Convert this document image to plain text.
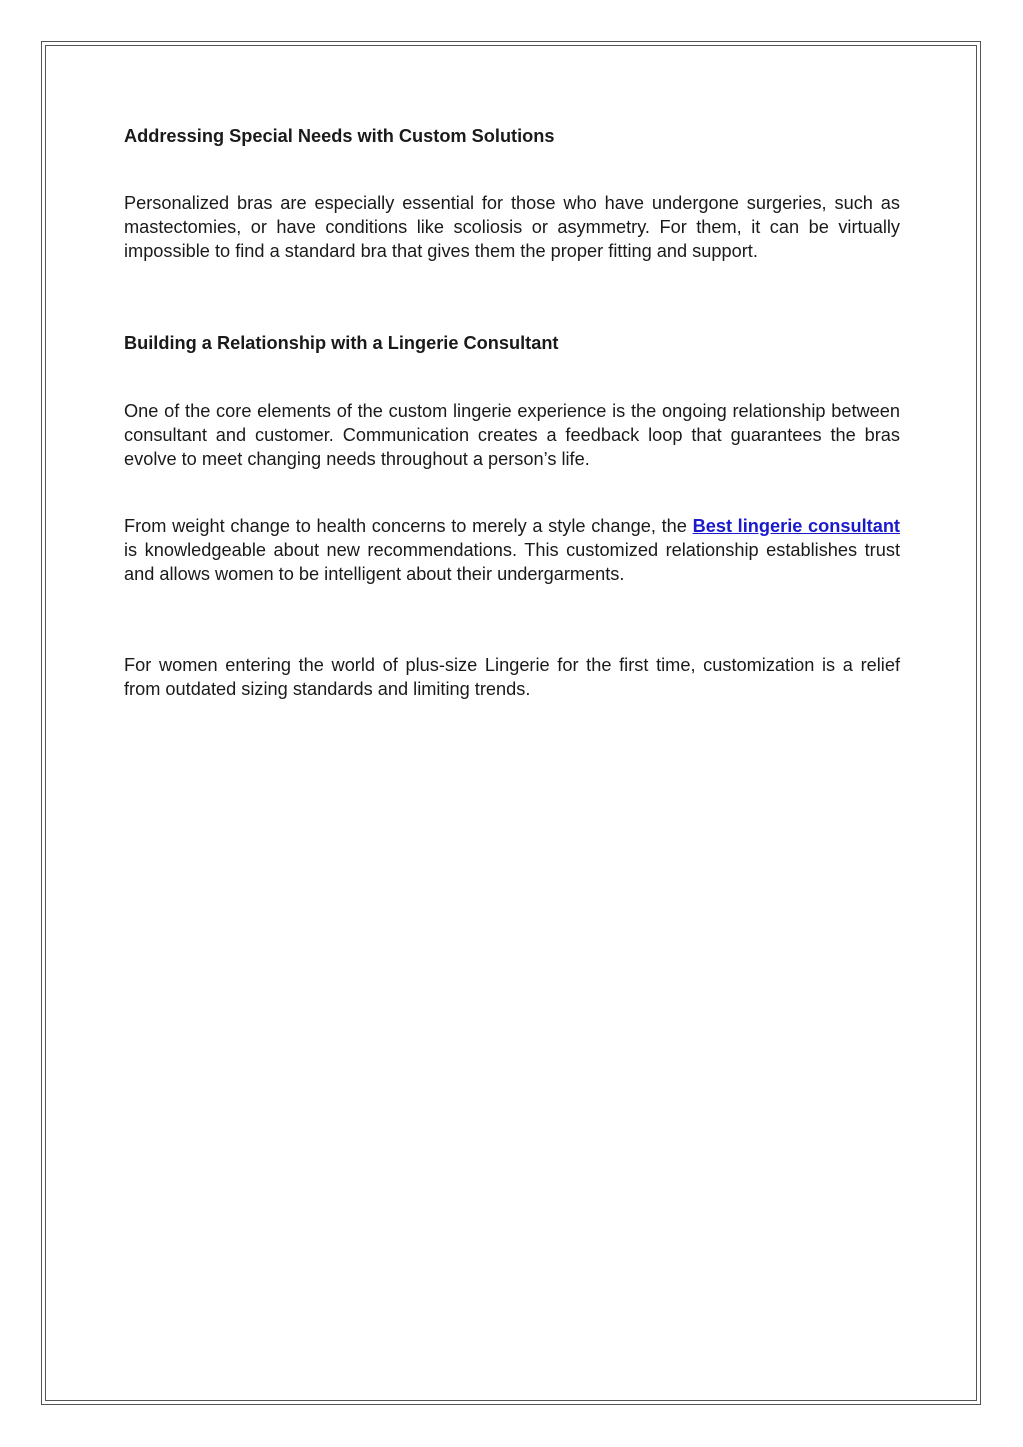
Addressing Special Needs with Custom Solutions

Personalized bras are especially essential for those who have undergone surgeries, such as mastectomies, or have conditions like scoliosis or asymmetry. For them, it can be virtually impossible to find a standard bra that gives them the proper fitting and support.

Building a Relationship with a Lingerie Consultant

One of the core elements of the custom lingerie experience is the ongoing relationship between consultant and customer. Communication creates a feedback loop that guarantees the bras evolve to meet changing needs throughout a person’s life.

From weight change to health concerns to merely a style change, the Best lingerie consultant is knowledgeable about new recommendations. This customized relationship establishes trust and allows women to be intelligent about their undergarments.

For women entering the world of plus-size Lingerie for the first time, customization is a relief from outdated sizing standards and limiting trends.
